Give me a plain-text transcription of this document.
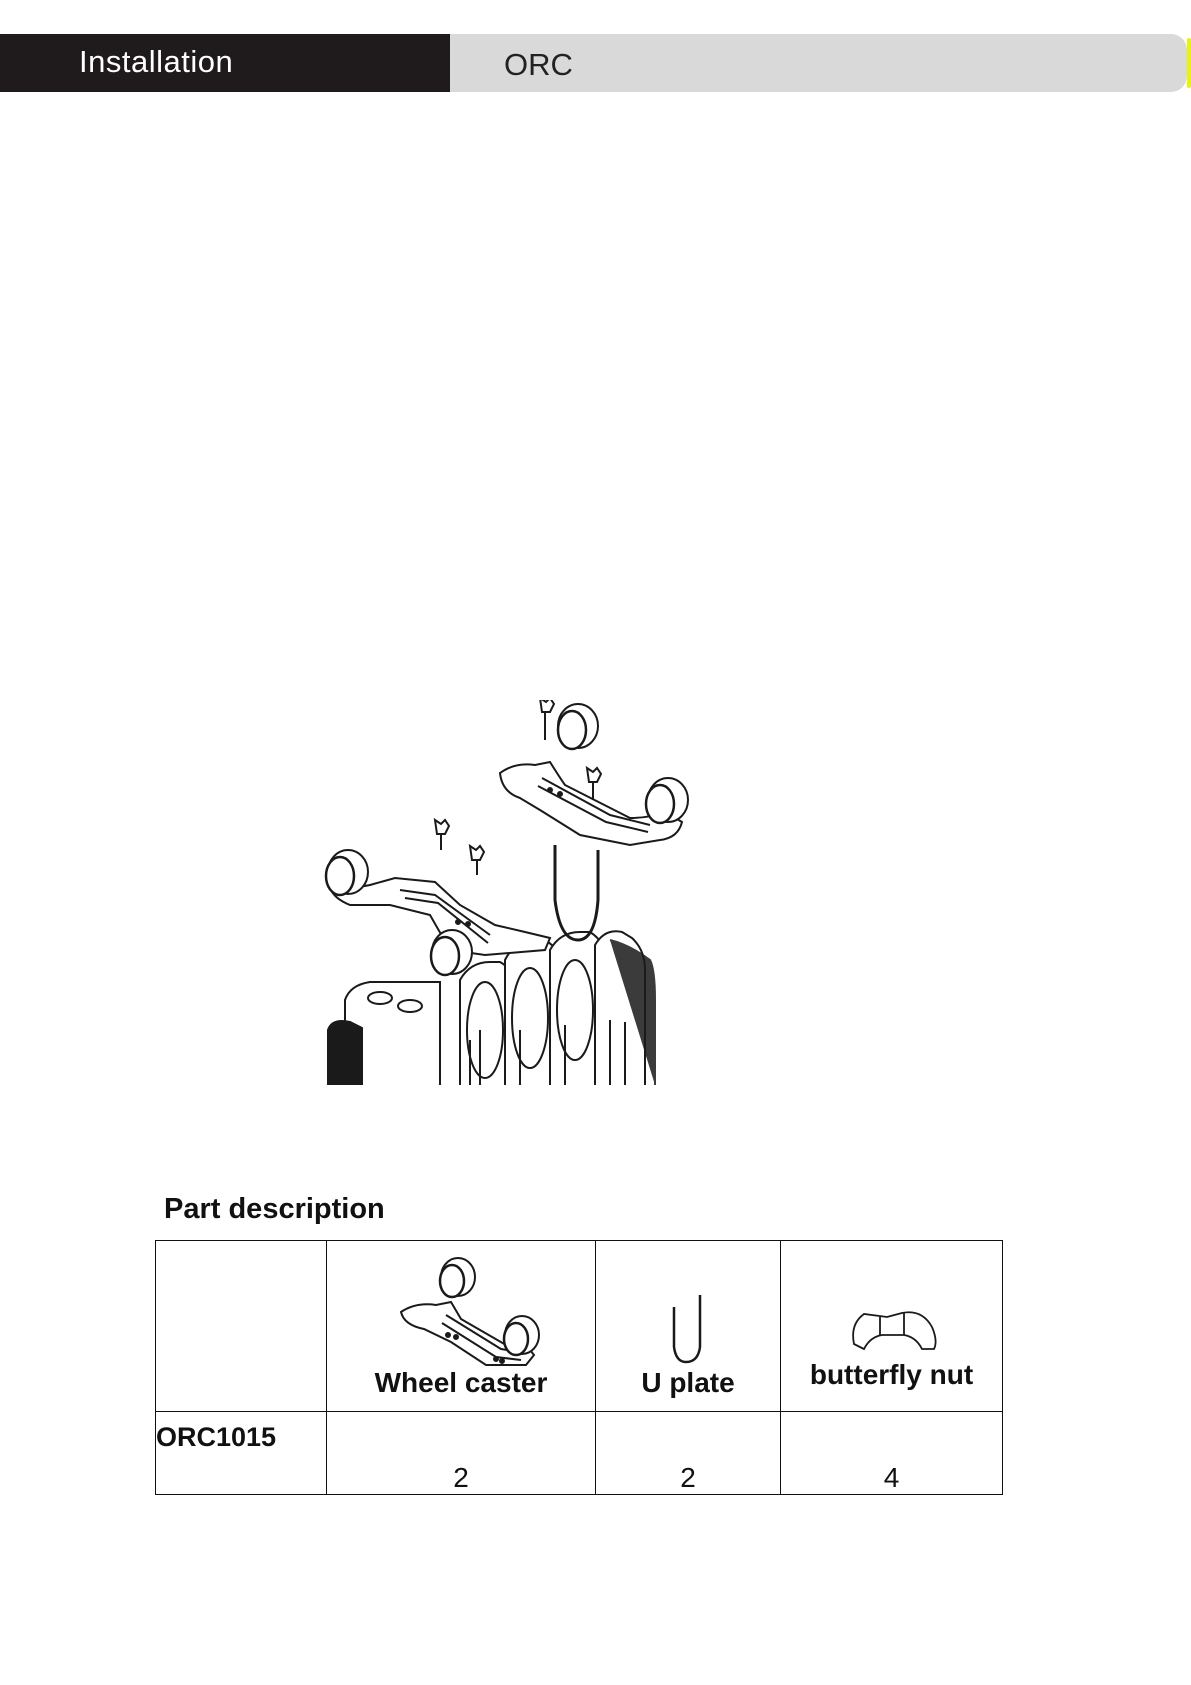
Installation	ORC
Part description

	Wheel caster	U plate	butterfly nut

ORC1015	2	2	4
